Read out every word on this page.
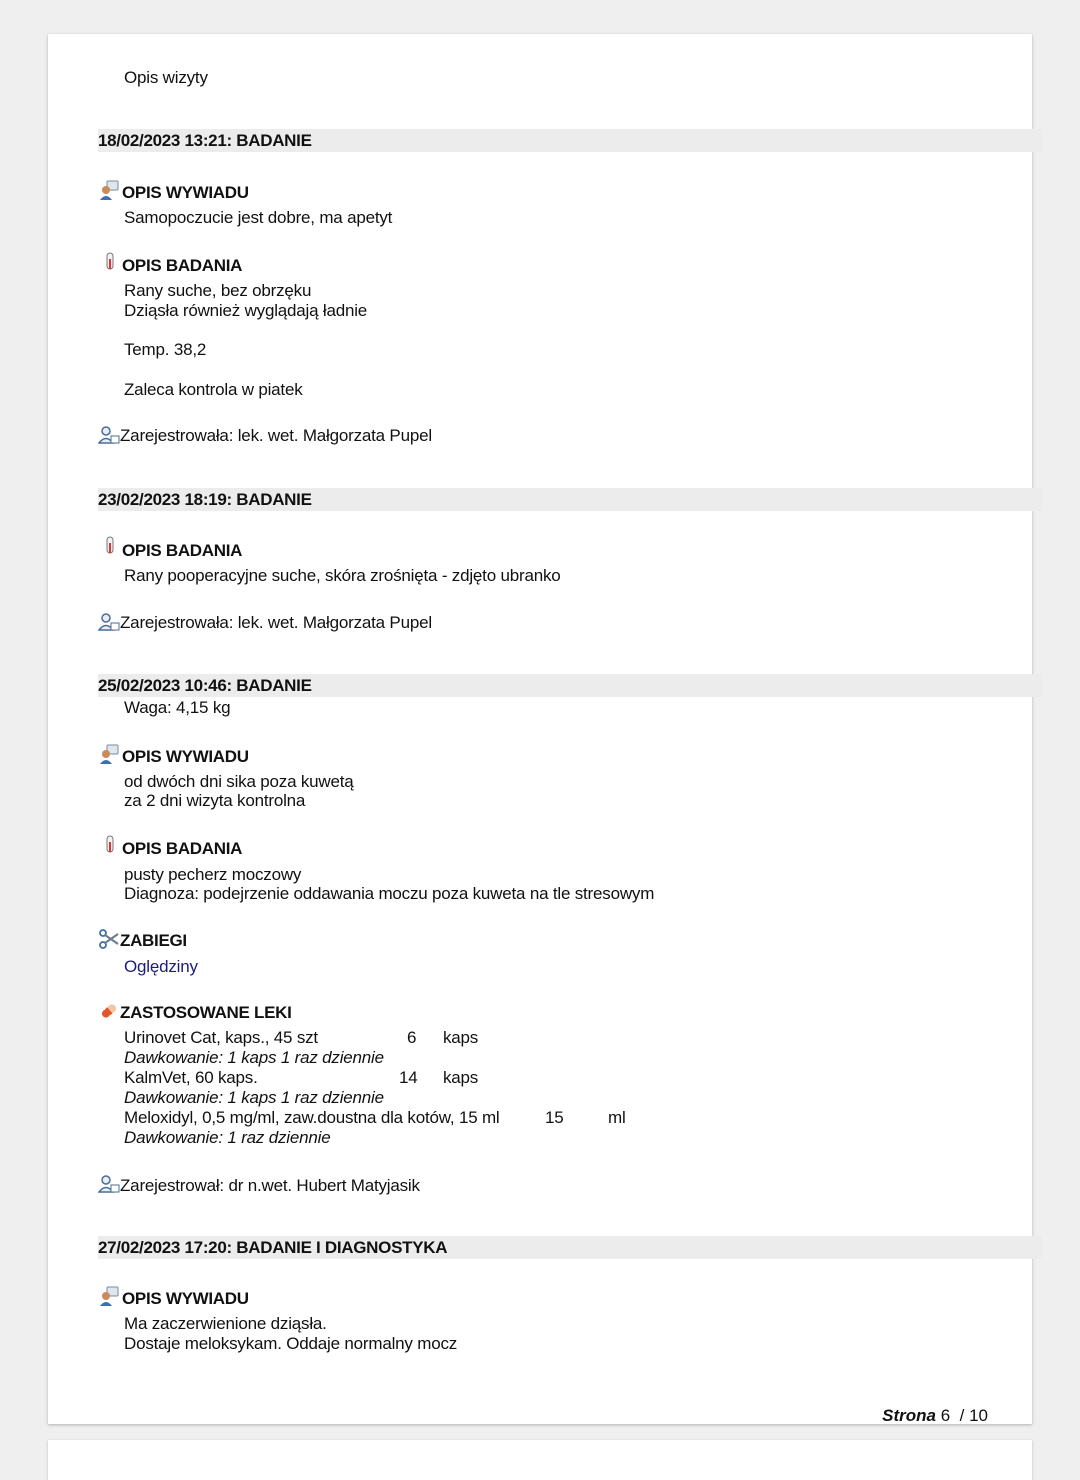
Opis wizyty
18/02/2023 13:21: BADANIE
OPIS WYWIADU
Samopoczucie jest dobre, ma apetyt
OPIS BADANIA
Rany suche, bez obrzęku
Dziąsła również wyglądają ładnie
Temp. 38,2
Zaleca kontrola w piatek
Zarejestrowała: lek. wet. Małgorzata Pupel
23/02/2023 18:19: BADANIE
OPIS BADANIA
Rany pooperacyjne suche, skóra zrośnięta - zdjęto ubranko
Zarejestrowała: lek. wet. Małgorzata Pupel
25/02/2023 10:46: BADANIE
Waga: 4,15 kg
OPIS WYWIADU
od dwóch dni sika poza kuwetą
za 2 dni wizyta kontrolna
OPIS BADANIA
pusty pecherz moczowy
Diagnoza: podejrzenie oddawania moczu poza kuweta na tle stresowym
ZABIEGI
Oględziny
ZASTOSOWANE LEKI
Urinovet Cat, kaps., 45 szt	6 kaps
Dawkowanie: 1 kaps 1 raz dziennie
KalmVet, 60 kaps.	14 kaps
Dawkowanie: 1 kaps 1 raz dziennie
Meloxidyl, 0,5 mg/ml, zaw.doustna dla kotów, 15 ml	15	ml
Dawkowanie: 1 raz dziennie
Zarejestrował: dr n.wet. Hubert Matyjasik
27/02/2023 17:20: BADANIE I DIAGNOSTYKA
OPIS WYWIADU
Ma zaczerwienione dziąsła.
Dostaje meloksykam. Oddaje normalny mocz
Strona 6 / 10
